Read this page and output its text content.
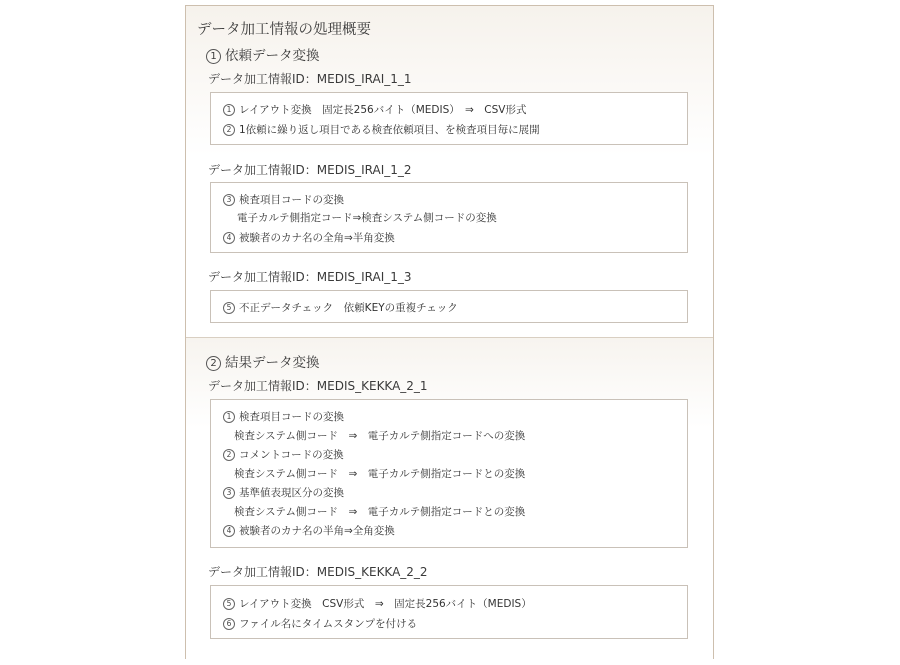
データ加工情報の処理概要
1 依頼データ変換
データ加工情報ID：MEDIS_IRAI_1_1
1 レイアウト変換　固定長256バイト（MEDIS）　⇒　CSV形式
2 1依頼に繰り返し項目である検査依頼項目、を検査項目毎に展開
データ加工情報ID：MEDIS_IRAI_1_2
3 検査項目コードの変換
電子カルテ側指定コード⇒検査システム側コードの変換
4 被験者のカナ名の全角⇒半角変換
データ加工情報ID：MEDIS_IRAI_1_3
5 不正データチェック　依頼KEYの重複チェック
2 結果データ変換
データ加工情報ID：MEDIS_KEKKA_2_1
1 検査項目コードの変換
検査システム側コード　⇒　電子カルテ側指定コードへの変換
2 コメントコードの変換
検査システム側コード　⇒　電子カルテ側指定コードとの変換
3 基準値表現区分の変換
検査システム側コード　⇒　電子カルテ側指定コードとの変換
4 被験者のカナ名の半角⇒全角変換
データ加工情報ID：MEDIS_KEKKA_2_2
5 レイアウト変換　CSV形式　⇒　固定長256バイト（MEDIS）
6 ファイル名にタイムスタンプを付ける
